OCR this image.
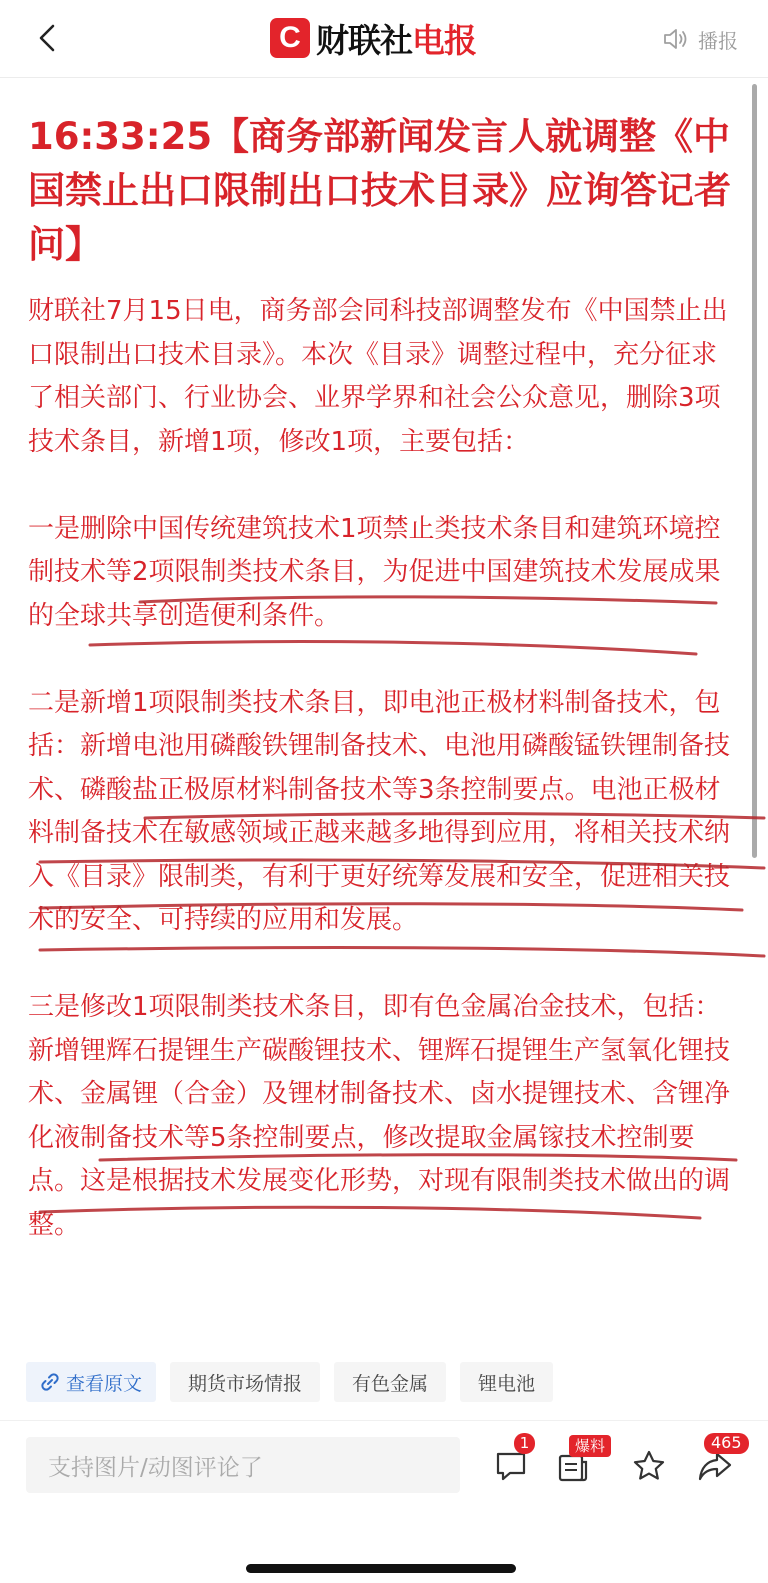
C 财联社 电报	播报
16:33:25【商务部新闻发言人就调整《中国禁止出口限制出口技术目录》应询答记者问】
财联社7月15日电，商务部会同科技部调整发布《中国禁止出口限制出口技术目录》。本次《目录》调整过程中，充分征求了相关部门、行业协会、业界学界和社会公众意见，删除3项技术条目，新增1项，修改1项，主要包括：
一是删除中国传统建筑技术1项禁止类技术条目和建筑环境控制技术等2项限制类技术条目，为促进中国建筑技术发展成果的全球共享创造便利条件。
二是新增1项限制类技术条目，即电池正极材料制备技术，包括：新增电池用磷酸铁锂制备技术、电池用磷酸锰铁锂制备技术、磷酸盐正极原材料制备技术等3条控制要点。电池正极材料制备技术在敏感领域正越来越多地得到应用，将相关技术纳入《目录》限制类，有利于更好统筹发展和安全，促进相关技术的安全、可持续的应用和发展。
三是修改1项限制类技术条目，即有色金属冶金技术，包括：新增锂辉石提锂生产碳酸锂技术、锂辉石提锂生产氢氧化锂技术、金属锂（合金）及锂材制备技术、卤水提锂技术、含锂净化液制备技术等5条控制要点，修改提取金属镓技术控制要点。这是根据技术发展变化形势，对现有限制类技术做出的调整。
查看原文	期货市场情报	有色金属	锂电池
支持图片/动图评论了
1	爆料	465
